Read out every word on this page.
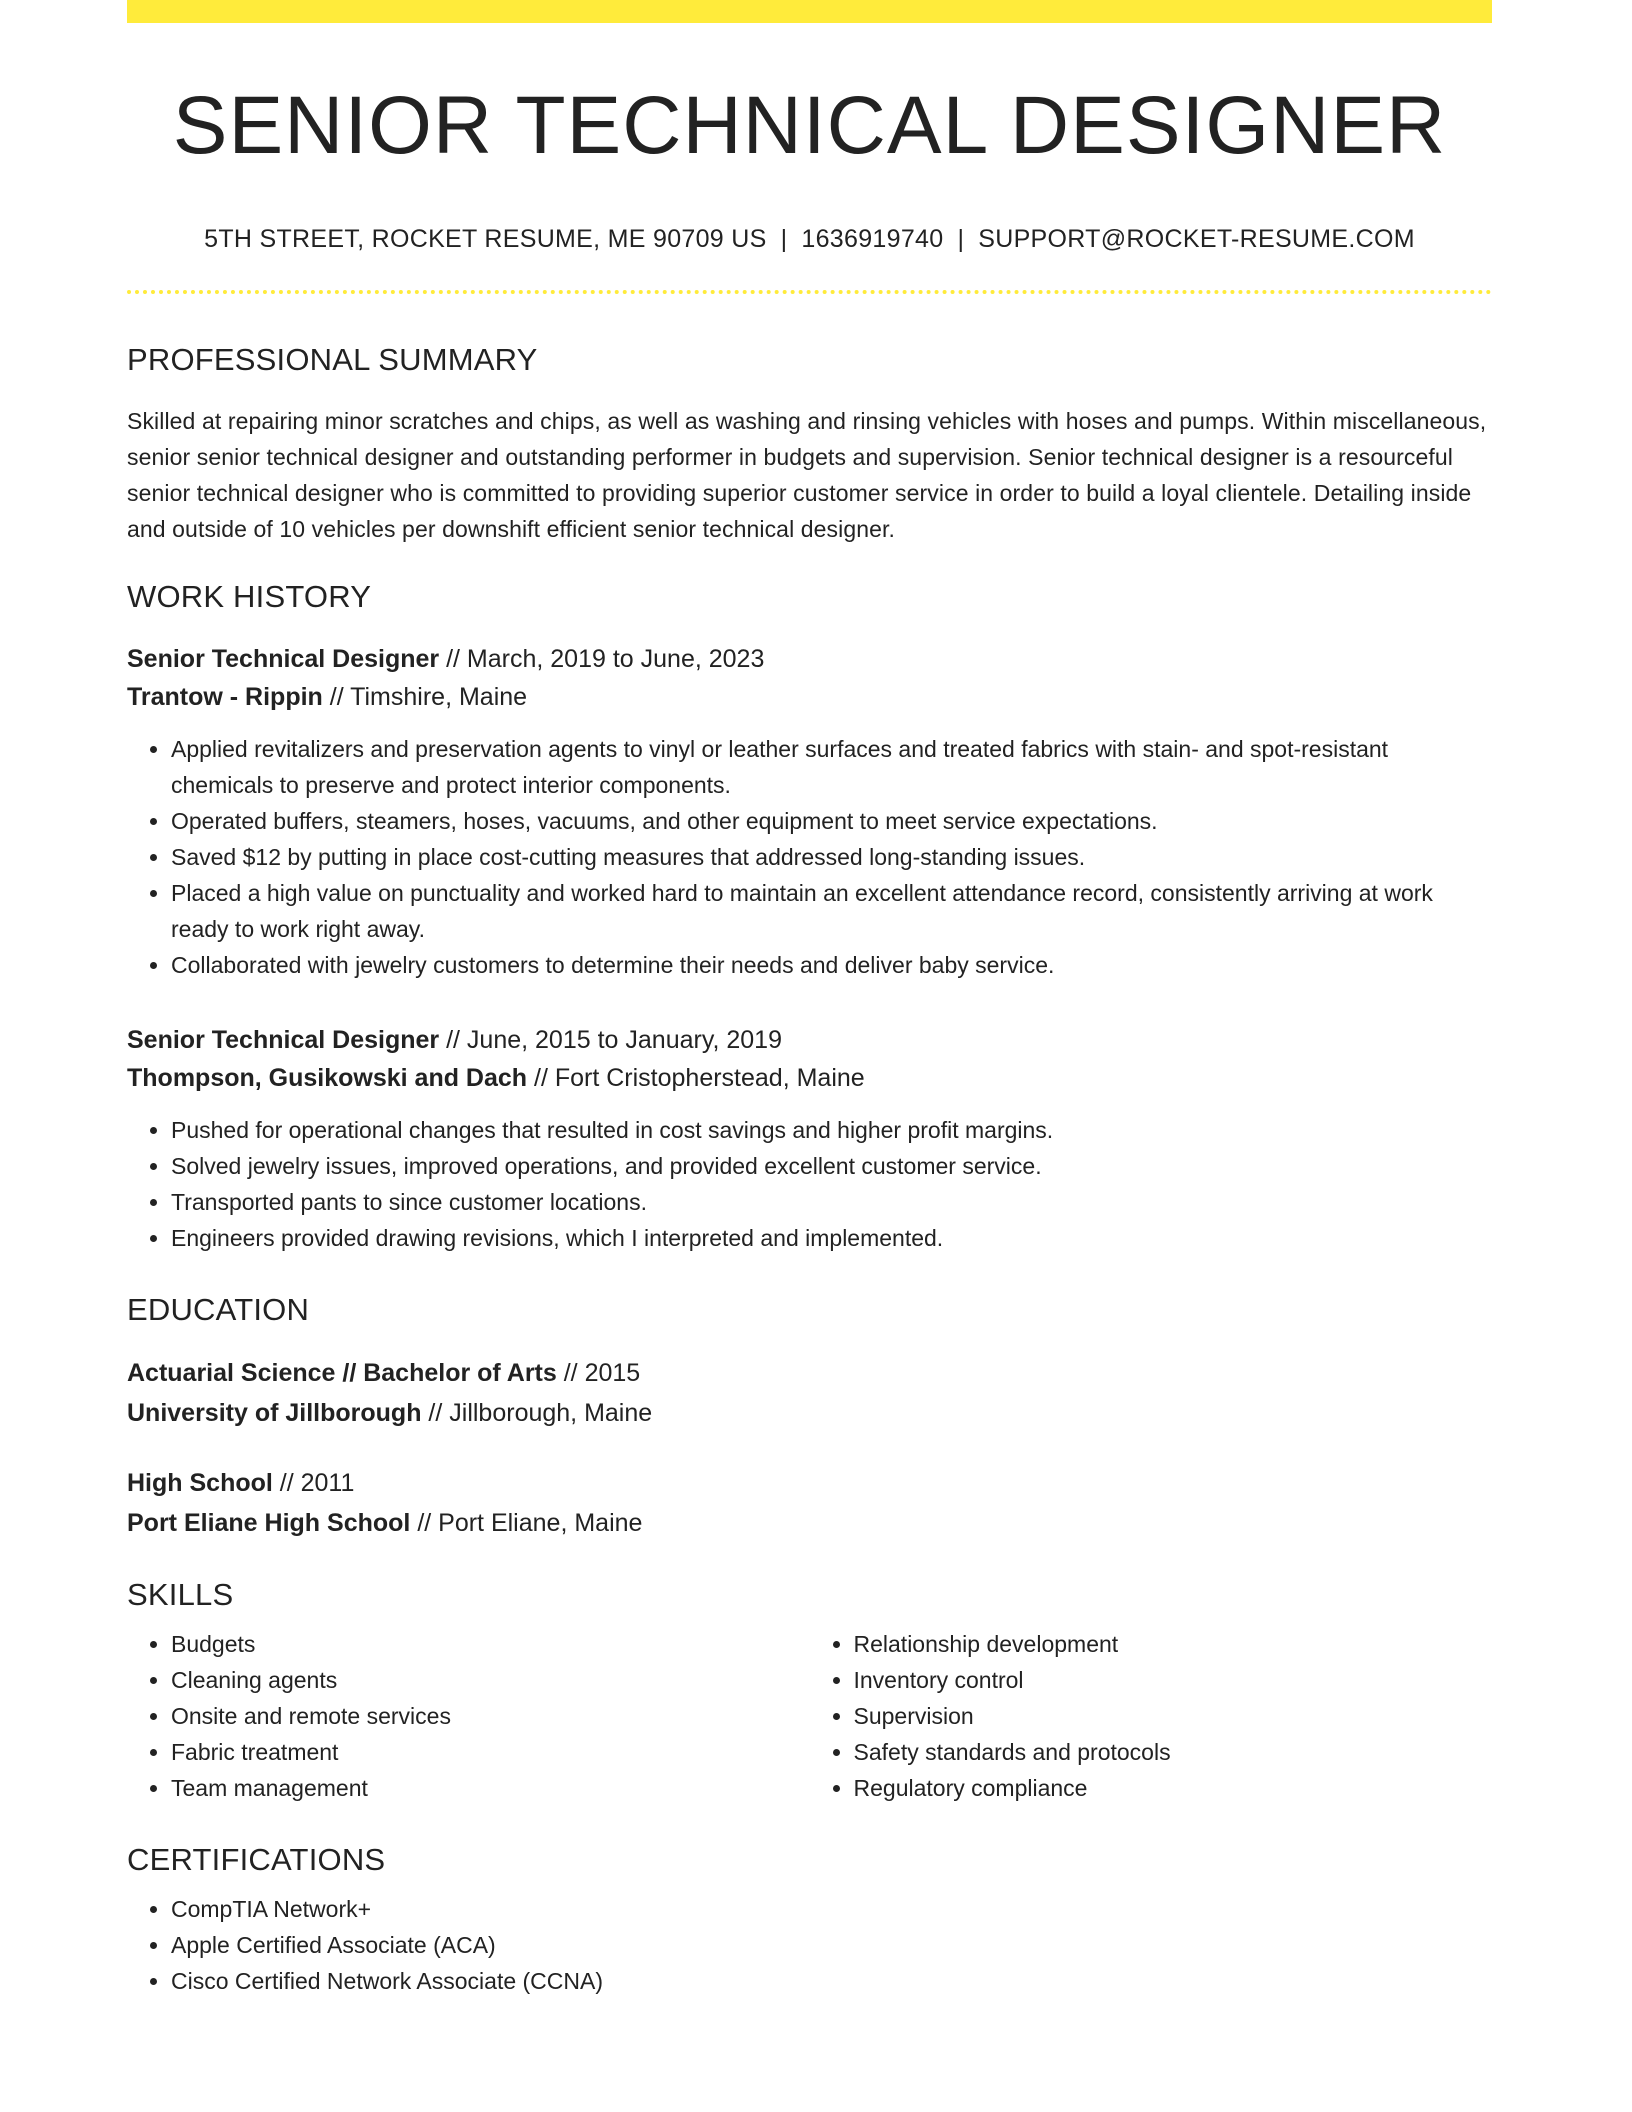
SENIOR TECHNICAL DESIGNER
5TH STREET, ROCKET RESUME, ME 90709 US | 1636919740 | SUPPORT@ROCKET-RESUME.COM
PROFESSIONAL SUMMARY

Skilled at repairing minor scratches and chips, as well as washing and rinsing vehicles with hoses and pumps. Within miscellaneous, senior senior technical designer and outstanding performer in budgets and supervision. Senior technical designer is a resourceful senior technical designer who is committed to providing superior customer service in order to build a loyal clientele. Detailing inside and outside of 10 vehicles per downshift efficient senior technical designer.

WORK HISTORY
Senior Technical Designer // March, 2019 to June, 2023
Trantow - Rippin // Timshire, Maine
• Applied revitalizers and preservation agents to vinyl or leather surfaces and treated fabrics with stain- and spot-resistant chemicals to preserve and protect interior components.
• Operated buffers, steamers, hoses, vacuums, and other equipment to meet service expectations.
• Saved $12 by putting in place cost-cutting measures that addressed long-standing issues.
• Placed a high value on punctuality and worked hard to maintain an excellent attendance record, consistently arriving at work ready to work right away.
• Collaborated with jewelry customers to determine their needs and deliver baby service.
Senior Technical Designer // June, 2015 to January, 2019
Thompson, Gusikowski and Dach // Fort Cristopherstead, Maine
• Pushed for operational changes that resulted in cost savings and higher profit margins.
• Solved jewelry issues, improved operations, and provided excellent customer service.
• Transported pants to since customer locations.
• Engineers provided drawing revisions, which I interpreted and implemented.
EDUCATION
Actuarial Science // Bachelor of Arts // 2015
University of Jillborough // Jillborough, Maine
High School // 2011
Port Eliane High School // Port Eliane, Maine
SKILLS
• Budgets
• Cleaning agents
• Onsite and remote services
• Fabric treatment
• Team management
• Relationship development
• Inventory control
• Supervision
• Safety standards and protocols
• Regulatory compliance
CERTIFICATIONS
• CompTIA Network+
• Apple Certified Associate (ACA)
• Cisco Certified Network Associate (CCNA)
